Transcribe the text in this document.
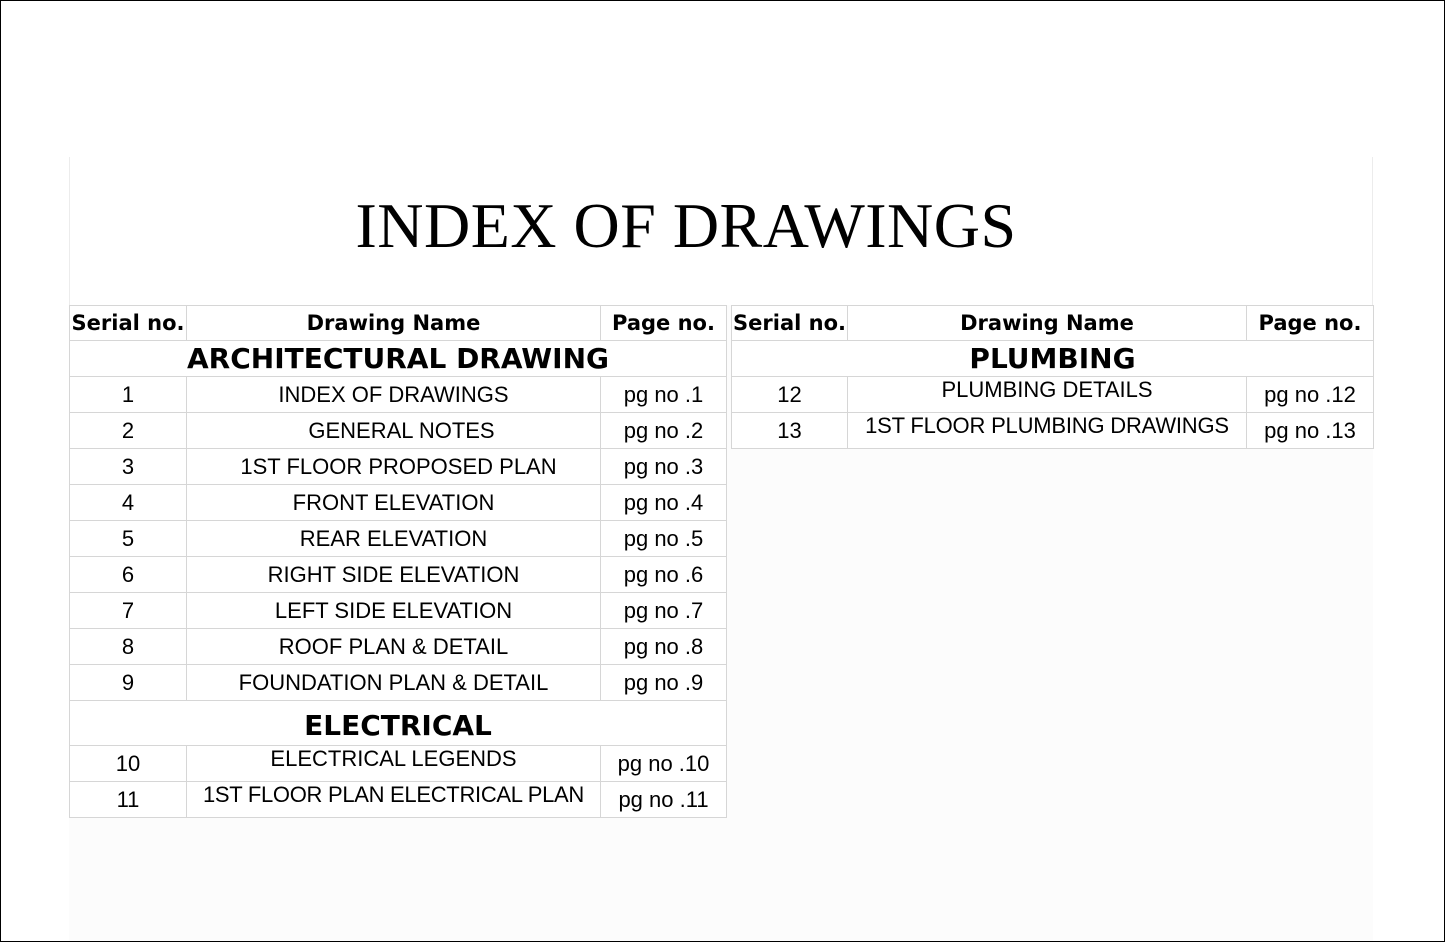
INDEX OF DRAWINGS
Serial no.	Drawing Name	Page no.
ARCHITECTURAL DRAWING		
1	INDEX OF DRAWINGS	pg no .1
2	GENERAL NOTES	pg no .2
3	1ST FLOOR PROPOSED PLAN	pg no .3
4	FRONT ELEVATION	pg no .4
5	REAR ELEVATION	pg no .5
6	RIGHT SIDE ELEVATION	pg no .6
7	LEFT SIDE ELEVATION	pg no .7
8	ROOF PLAN & DETAIL	pg no .8
9	FOUNDATION PLAN & DETAIL	pg no .9
ELECTRICAL		
10	ELECTRICAL LEGENDS	pg no .10
11	1ST FLOOR PLAN ELECTRICAL PLAN	pg no .11
Serial no.	Drawing Name	Page no.
PLUMBING		
12	PLUMBING DETAILS	pg no .12
13	1ST FLOOR PLUMBING DRAWINGS	pg no .13
